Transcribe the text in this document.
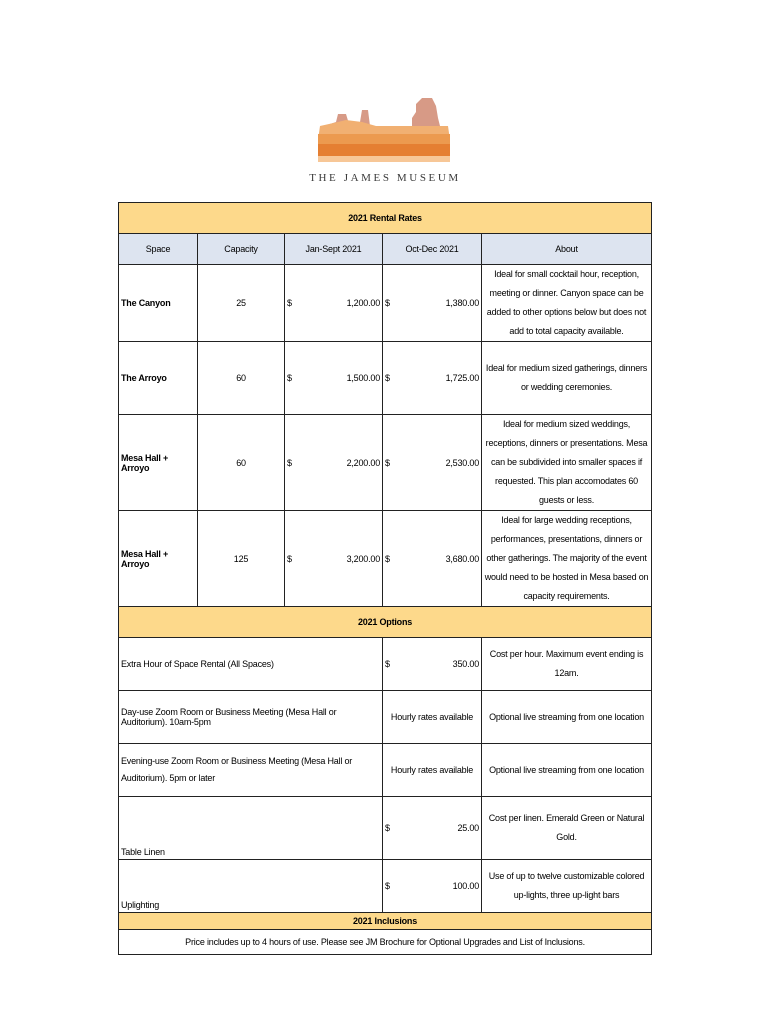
THE JAMES MUSEUM
2021 Rental Rates				
Space	Capacity	Jan-Sept 2021	Oct-Dec 2021	About
The Canyon	25	$ 1,200.00	$ 1,380.00	Ideal for small cocktail hour, reception, meeting or dinner. Canyon space can be added to other options below but does not add to total capacity available.
The Arroyo	60	$ 1,500.00	$ 1,725.00	Ideal for medium sized gatherings, dinners or wedding ceremonies.
Mesa Hall + Arroyo	60	$ 2,200.00	$ 2,530.00	Ideal for medium sized weddings, receptions, dinners or presentations. Mesa can be subdivided into smaller spaces if requested. This plan accomodates 60 guests or less.
Mesa Hall + Arroyo	125	$ 3,200.00	$ 3,680.00	Ideal for large wedding receptions, performances, presentations, dinners or other gatherings. The majority of the event would need to be hosted in Mesa based on capacity requirements.
2021 Options				
Extra Hour of Space Rental (All Spaces)			$ 350.00	Cost per hour. Maximum event ending is 12am.
Day-use Zoom Room or Business Meeting (Mesa Hall or Auditorium). 10am-5pm			Hourly rates available	Optional live streaming from one location
Evening-use Zoom Room or Business Meeting (Mesa Hall or Auditorium). 5pm or later			Hourly rates available	Optional live streaming from one location
Table Linen			$ 25.00	Cost per linen. Emerald Green or Natural Gold.
Uplighting			$ 100.00	Use of up to twelve customizable colored up-lights, three up-light bars
2021 Inclusions				
Price includes up to 4 hours of use. Please see JM Brochure for Optional Upgrades and List of Inclusions.				
